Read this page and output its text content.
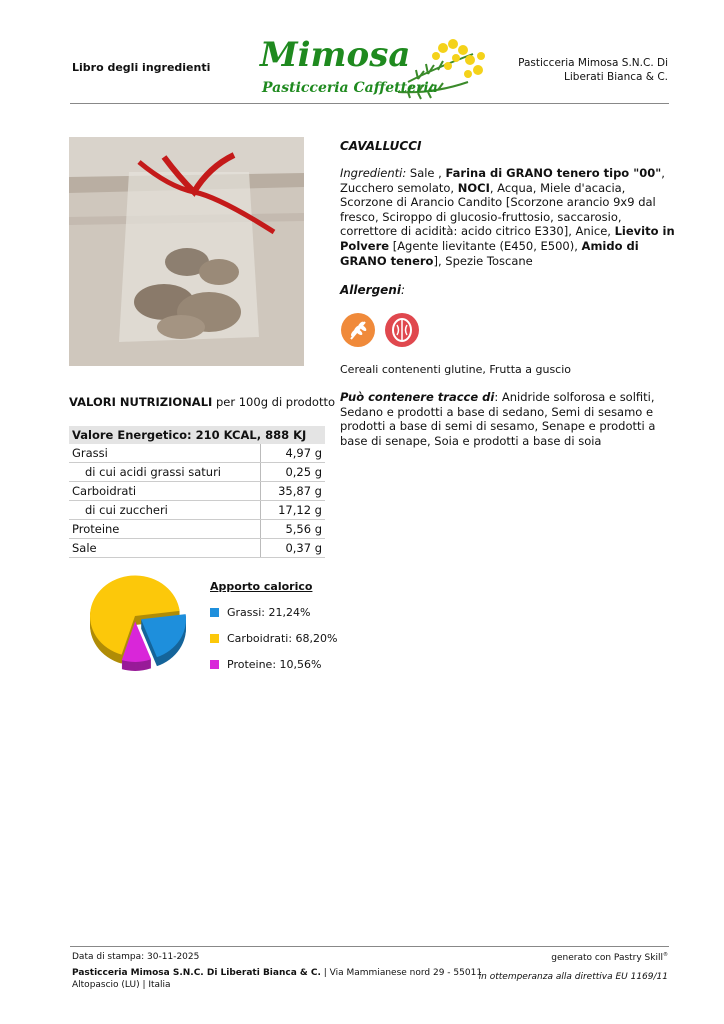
Libro degli ingredienti Mimosa
Pasticceria Caffetteria
Pasticceria Mimosa S.N.C. Di
Liberati Bianca & C.
CAVALLUCCI
Ingredienti: Sale , Farina di GRANO tenero tipo "00", Zucchero semolato, NOCI, Acqua, Miele d'acacia, Scorzone di Arancio Candito [Scorzone arancio 9x9 dal fresco, Sciroppo di glucosio-fruttosio, saccarosio, correttore di acidità: acido citrico E330], Anice, Lievito in Polvere [Agente lievitante (E450, E500), Amido di GRANO tenero], Spezie Toscane
Allergeni:
Cereali contenenti glutine, Frutta a guscio
Può contenere tracce di: Anidride solforosa e solfiti, Sedano e prodotti a base di sedano, Semi di sesamo e prodotti a base di semi di sesamo, Senape e prodotti a base di senape, Soia e prodotti a base di soia
VALORI NUTRIZIONALI per 100g di prodotto
Valore Energetico: 210 KCAL, 888 KJ	
Grassi	4,97 g
di cui acidi grassi saturi	0,25 g
Carboidrati	35,87 g
di cui zuccheri	17,12 g
Proteine	5,56 g
Sale	0,37 g
Apporto calorico
Grassi: 21,24%
Carboidrati: 68,20%
Proteine: 10,56%
Data di stampa: 30-11-2025
Pasticceria Mimosa S.N.C. Di Liberati Bianca & C. | Via Mammianese nord 29 - 55011
Altopascio (LU) | Italia
generato con Pastry Skill®
in ottemperanza alla direttiva EU 1169/11
